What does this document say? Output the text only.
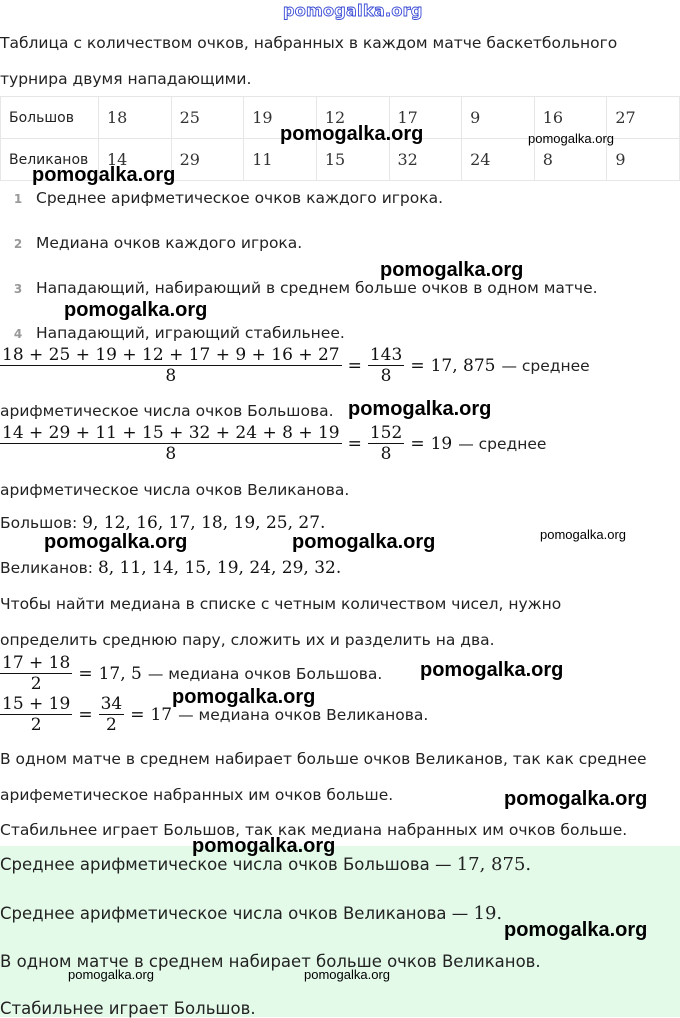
pomogalka.org
Таблица с количеством очков, набранных в каждом матче баскетбольного
турнира двумя нападающими.
Большов	18	25	19	12	17	9	16	27
Великанов	14	29	11	15	32	24	8	9
1 Среднее арифметическое очков каждого игрока.
2 Медиана очков каждого игрока.
3 Нападающий, набирающий в среднем больше очков в одном матче.
4 Нападающий, играющий стабильнее.
$\frac{18 + 25 + 19 + 12 + 17 + 9 + 16 + 27}{8} = \frac{143}{8} = 17$, 875 — среднее
арифметическое числа очков Большова.
$\frac{14 + 29 + 11 + 15 + 32 + 24 + 8 + 19}{8} = \frac{152}{8} = 19$ — среднее
арифметическое числа очков Великанова.
Большов: 9, 12, 16, 17, 18, 19, 25, 27.
Великанов: 8, 11, 14, 15, 19, 24, 29, 32.
Чтобы найти медиана в списке с четным количеством чисел, нужно
определить среднюю пару, сложить их и разделить на два.
$\frac{17 + 18}{2} = 17$, 5 — медиана очков Большова.
$\frac{15 + 19}{2} = \frac{34}{2} = 17$ — медиана очков Великанова.
В одном матче в среднем набирает больше очков Великанов, так как среднее
арифеметическое набранных им очков больше.
Стабильнее играет Большов, так как медиана набранных им очков больше.
Среднее арифметическое числа очков Большова — 17, 875.
Среднее арифметическое числа очков Великанова — 19.
В одном матче в среднем набирает больше очков Великанов.
Стабильнее играет Большов.
pomogalka.org	pomogalka.org
pomogalka.org
pomogalka.org
pomogalka.org
pomogalka.org
pomogalka.org	pomogalka.org	pomogalka.org
pomogalka.org
pomogalka.org
pomogalka.org
pomogalka.org
pomogalka.org
pomogalka.org	pomogalka.org
